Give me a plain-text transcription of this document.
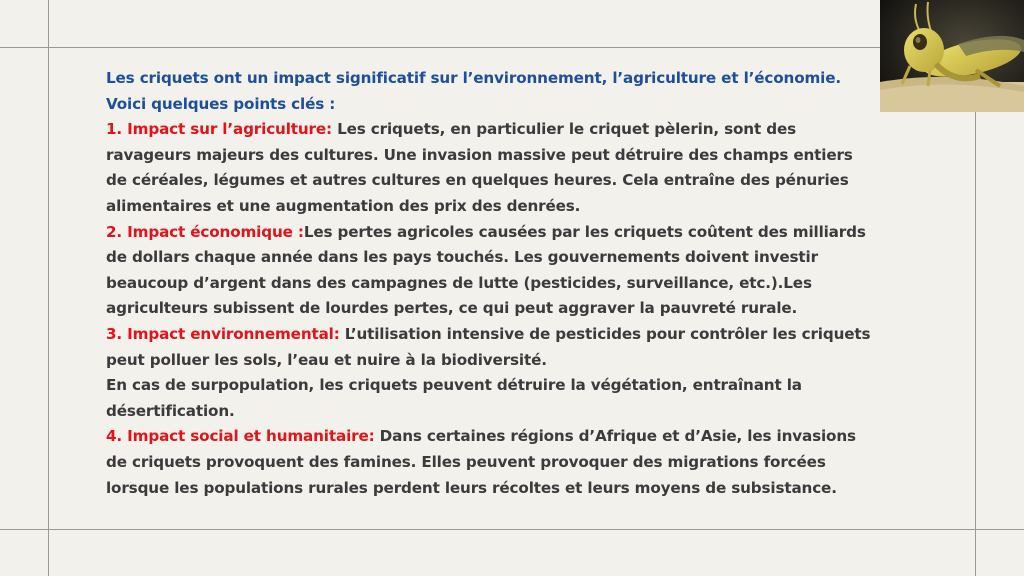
Les criquets ont un impact significatif sur l’environnement, l’agriculture et l’économie. Voici quelques points clés :

1. Impact sur l’agriculture: Les criquets, en particulier le criquet pèlerin, sont des ravageurs majeurs des cultures. Une invasion massive peut détruire des champs entiers de céréales, légumes et autres cultures en quelques heures. Cela entraîne des pénuries alimentaires et une augmentation des prix des denrées.

2. Impact économique :Les pertes agricoles causées par les criquets coûtent des milliards de dollars chaque année dans les pays touchés. Les gouvernements doivent investir beaucoup d’argent dans des campagnes de lutte (pesticides, surveillance, etc.).Les agriculteurs subissent de lourdes pertes, ce qui peut aggraver la pauvreté rurale.

3. Impact environnemental: L’utilisation intensive de pesticides pour contrôler les criquets peut polluer les sols, l’eau et nuire à la biodiversité.

En cas de surpopulation, les criquets peuvent détruire la végétation, entraînant la désertification.

4. Impact social et humanitaire: Dans certaines régions d’Afrique et d’Asie, les invasions de criquets provoquent des famines. Elles peuvent provoquer des migrations forcées lorsque les populations rurales perdent leurs récoltes et leurs moyens de subsistance.
